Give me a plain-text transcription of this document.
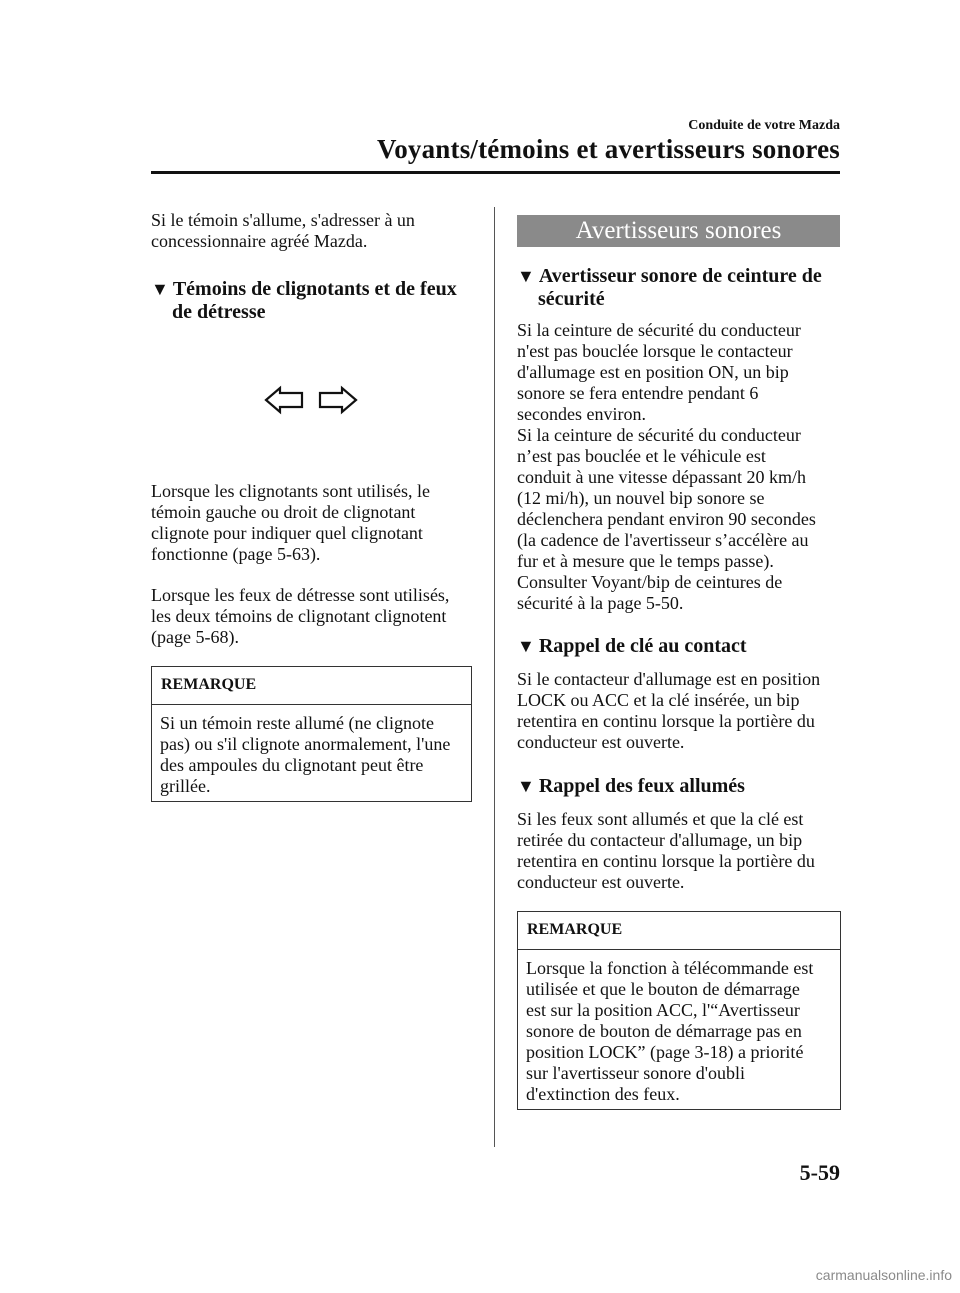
Conduite de votre Mazda
Voyants/témoins et avertisseurs sonores
Si le témoin s'allume, s'adresser à un
concessionnaire agréé Mazda.
▼ Témoins de clignotants et de feux
de détresse
Lorsque les clignotants sont utilisés, le
témoin gauche ou droit de clignotant
clignote pour indiquer quel clignotant
fonctionne (page 5-63).
Lorsque les feux de détresse sont utilisés,
les deux témoins de clignotant clignotent
(page 5-68).
REMARQUE
Si un témoin reste allumé (ne clignote
pas) ou s'il clignote anormalement, l'une
des ampoules du clignotant peut être
grillée.
Avertisseurs sonores
▼ Avertisseur sonore de ceinture de
sécurité
Si la ceinture de sécurité du conducteur
n'est pas bouclée lorsque le contacteur
d'allumage est en position ON, un bip
sonore se fera entendre pendant 6
secondes environ.
Si la ceinture de sécurité du conducteur
n’est pas bouclée et le véhicule est
conduit à une vitesse dépassant 20 km/h
(12 mi/h), un nouvel bip sonore se
déclenchera pendant environ 90 secondes
(la cadence de l'avertisseur s’accélère au
fur et à mesure que le temps passe).
Consulter Voyant/bip de ceintures de
sécurité à la page 5-50.
▼ Rappel de clé au contact
Si le contacteur d'allumage est en position
LOCK ou ACC et la clé insérée, un bip
retentira en continu lorsque la portière du
conducteur est ouverte.
▼ Rappel des feux allumés
Si les feux sont allumés et que la clé est
retirée du contacteur d'allumage, un bip
retentira en continu lorsque la portière du
conducteur est ouverte.
REMARQUE
Lorsque la fonction à télécommande est
utilisée et que le bouton de démarrage
est sur la position ACC, l'“Avertisseur
sonore de bouton de démarrage pas en
position LOCK” (page 3-18) a priorité
sur l'avertisseur sonore d'oubli
d'extinction des feux.
5-59
carmanualsonline.info
